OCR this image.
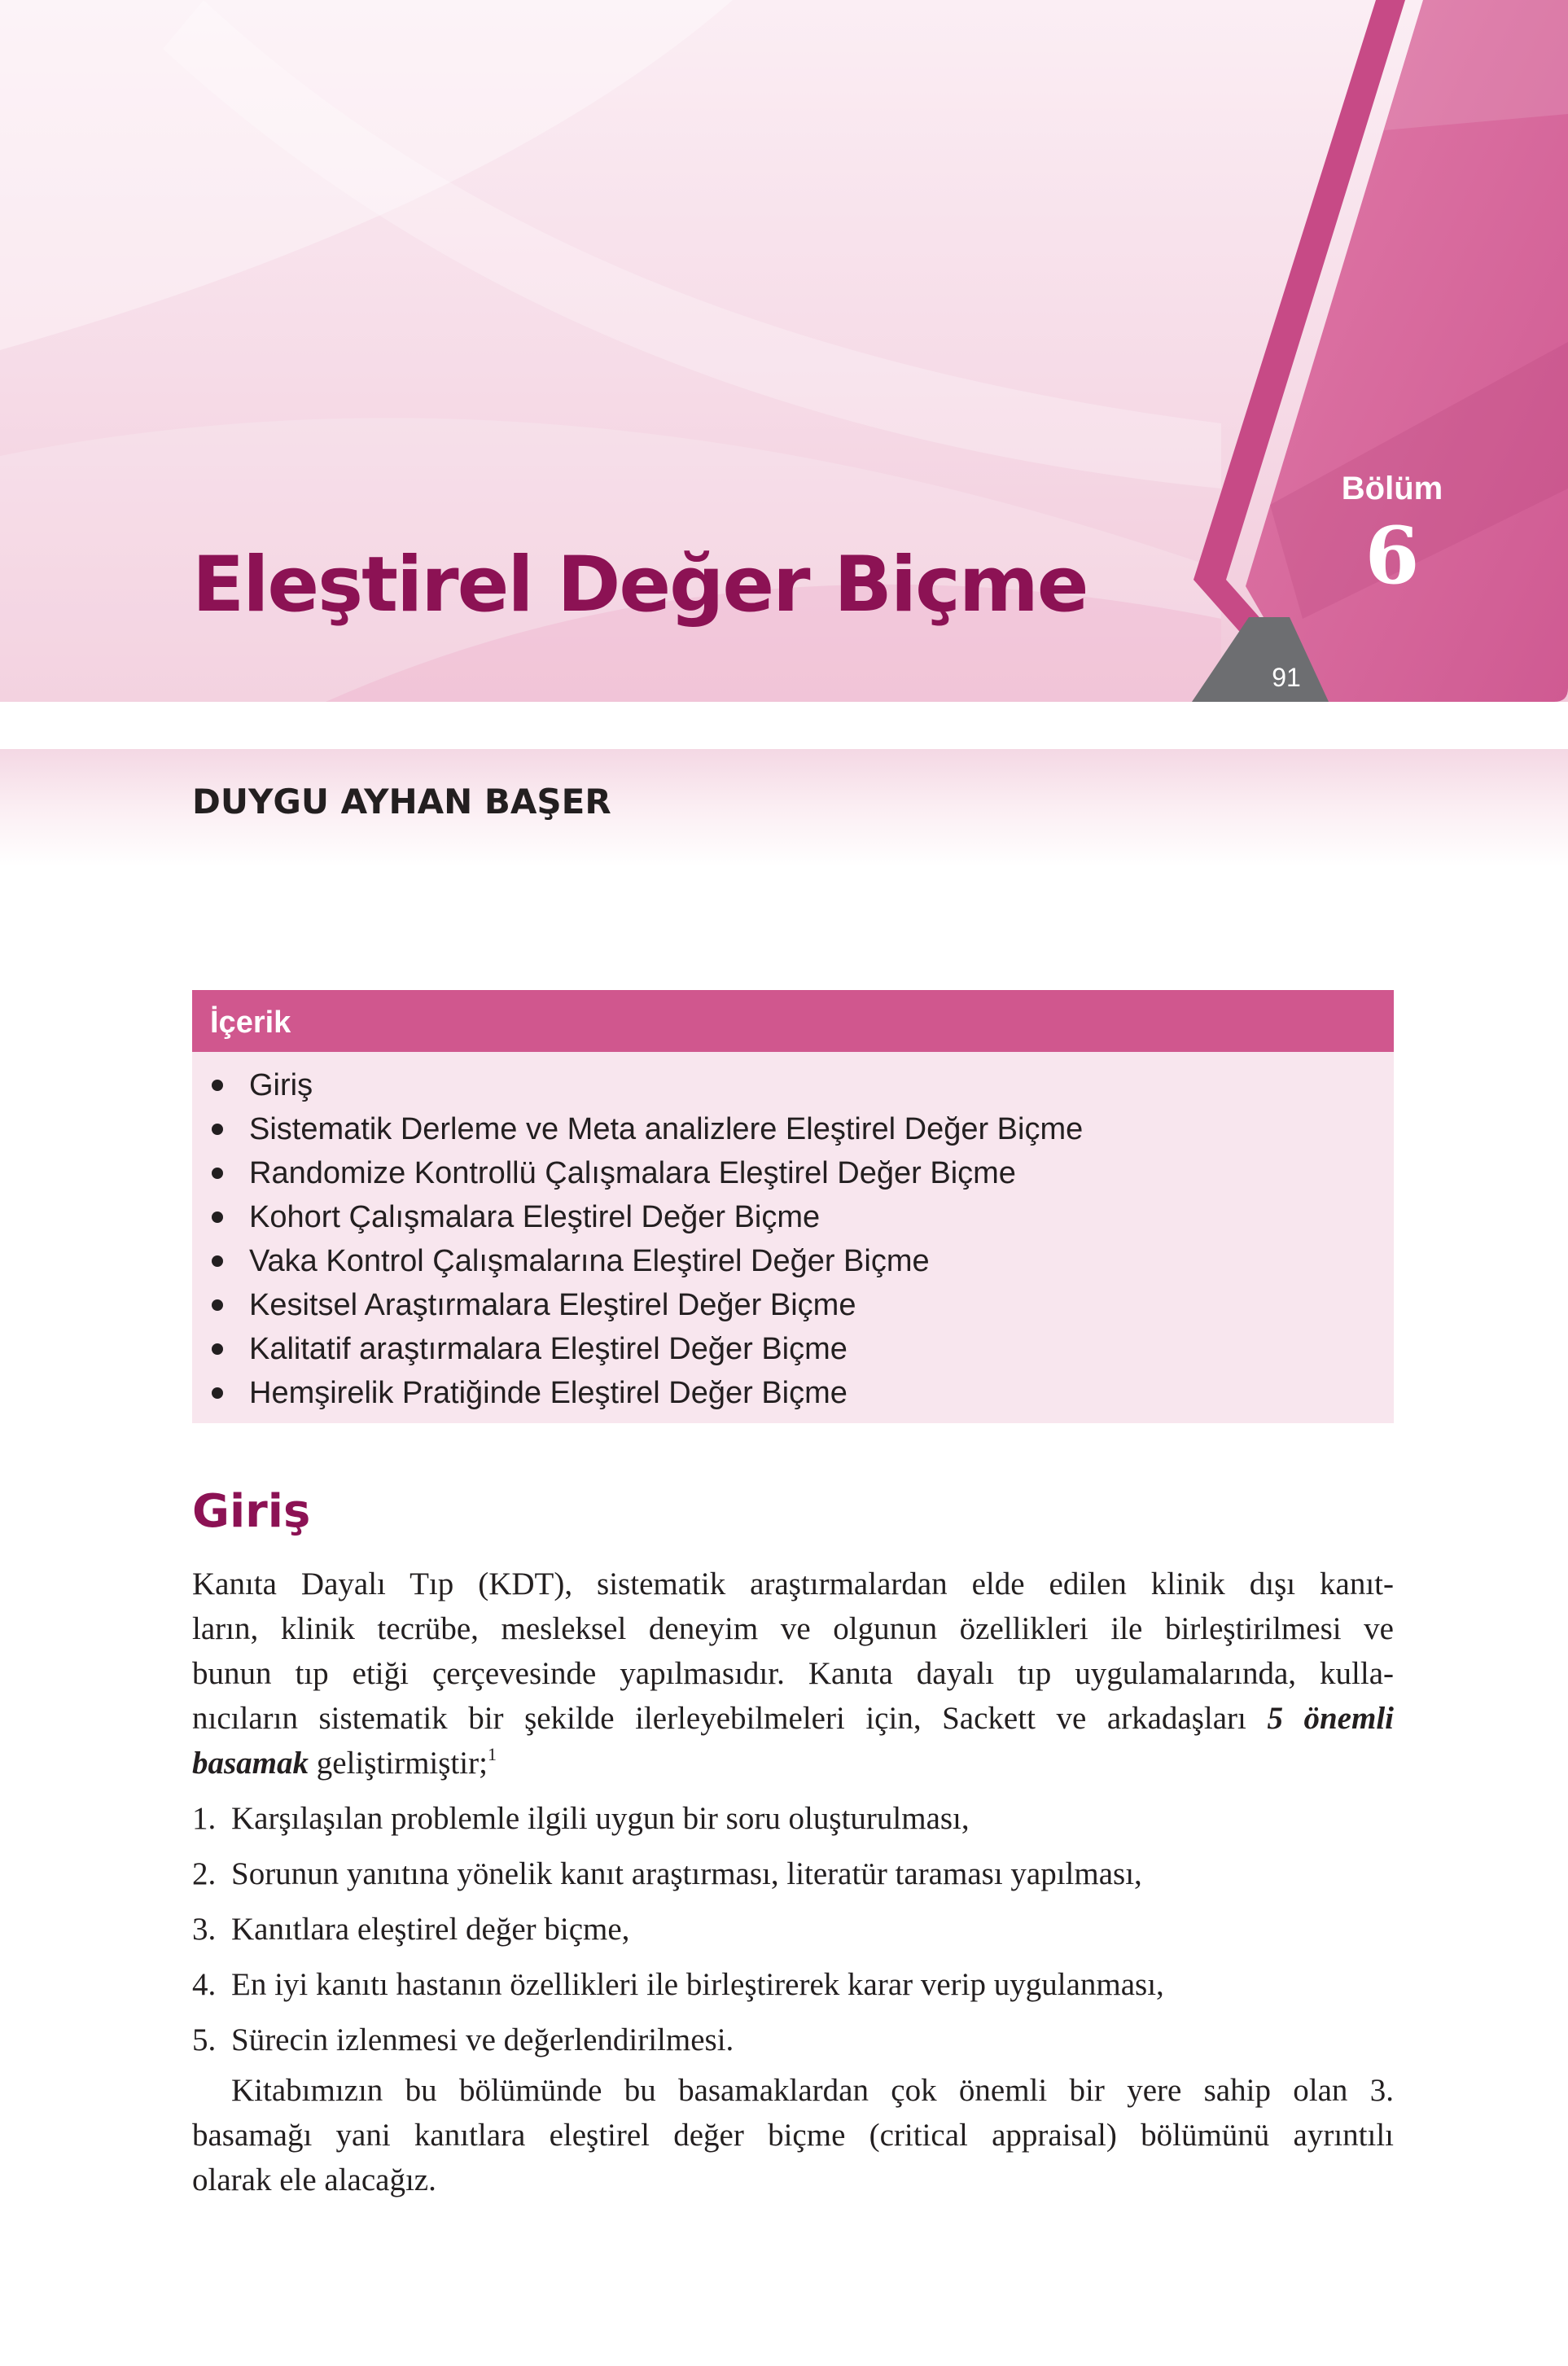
Bölüm
6
91
Eleştirel Değer Biçme
DUYGU AYHAN BAŞER
İçerik
Giriş
Sistematik Derleme ve Meta analizlere Eleştirel Değer Biçme
Randomize Kontrollü Çalışmalara Eleştirel Değer Biçme
Kohort Çalışmalara Eleştirel Değer Biçme
Vaka Kontrol Çalışmalarına Eleştirel Değer Biçme
Kesitsel Araştırmalara Eleştirel Değer Biçme
Kalitatif araştırmalara Eleştirel Değer Biçme
Hemşirelik Pratiğinde Eleştirel Değer Biçme
Giriş

Kanıta Dayalı Tıp (KDT), sistematik araştırmalardan elde edilen klinik dışı kanıt-
ların, klinik tecrübe, mesleksel deneyim ve olgunun özellikleri ile birleştirilmesi ve
bunun tıp etiği çerçevesinde yapılmasıdır. Kanıta dayalı tıp uygulamalarında, kulla-
nıcıların sistematik bir şekilde ilerleyebilmeleri için, Sackett ve arkadaşları 5 önemli
basamak geliştirmiştir;$^1$

1. Karşılaşılan problemle ilgili uygun bir soru oluşturulması,
2. Sorunun yanıtına yönelik kanıt araştırması, literatür taraması yapılması,
3. Kanıtlara eleştirel değer biçme,
4. En iyi kanıtı hastanın özellikleri ile birleştirerek karar verip uygulanması,
5. Sürecin izlenmesi ve değerlendirilmesi.

Kitabımızın bu bölümünde bu basamaklardan çok önemli bir yere sahip olan 3.
basamağı yani kanıtlara eleştirel değer biçme (critical appraisal) bölümünü ayrıntılı
olarak ele alacağız.
